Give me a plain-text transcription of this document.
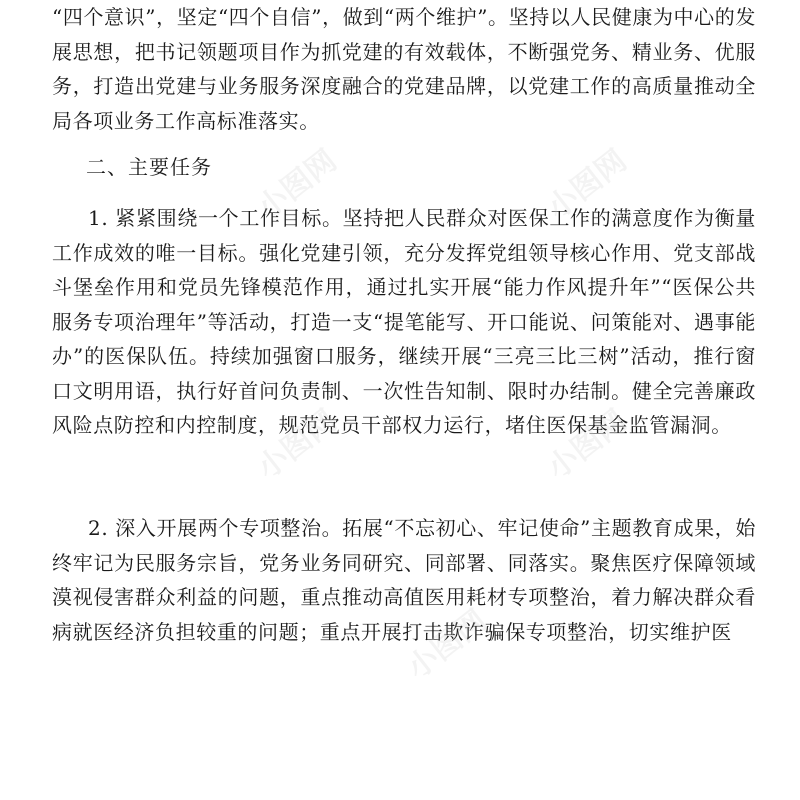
“四个意识”，坚定“四个自信”，做到“两个维护”。坚持以人民健康为中心的发展思想，把书记领题项目作为抓党建的有效载体，不断强党务、精业务、优服务，打造出党建与业务服务深度融合的党建品牌，以党建工作的高质量推动全局各项业务工作高标准落实。

二、主要任务

1. 紧紧围绕一个工作目标。坚持把人民群众对医保工作的满意度作为衡量工作成效的唯一目标。强化党建引领，充分发挥党组领导核心作用、党支部战斗堡垒作用和党员先锋模范作用，通过扎实开展“能力作风提升年”“医保公共服务专项治理年”等活动，打造一支“提笔能写、开口能说、问策能对、遇事能办”的医保队伍。持续加强窗口服务，继续开展“三亮三比三树”活动，推行窗口文明用语，执行好首问负责制、一次性告知制、限时办结制。健全完善廉政风险点防控和内控制度，规范党员干部权力运行，堵住医保基金监管漏洞。

2. 深入开展两个专项整治。拓展“不忘初心、牢记使命”主题教育成果，始终牢记为民服务宗旨，党务业务同研究、同部署、同落实。聚焦医疗保障领域漠视侵害群众利益的问题，重点推动高值医用耗材专项整治，着力解决群众看病就医经济负担较重的问题；重点开展打击欺诈骗保专项整治，切实维护医

小图网	小图网
小图网	小图网
小图网
